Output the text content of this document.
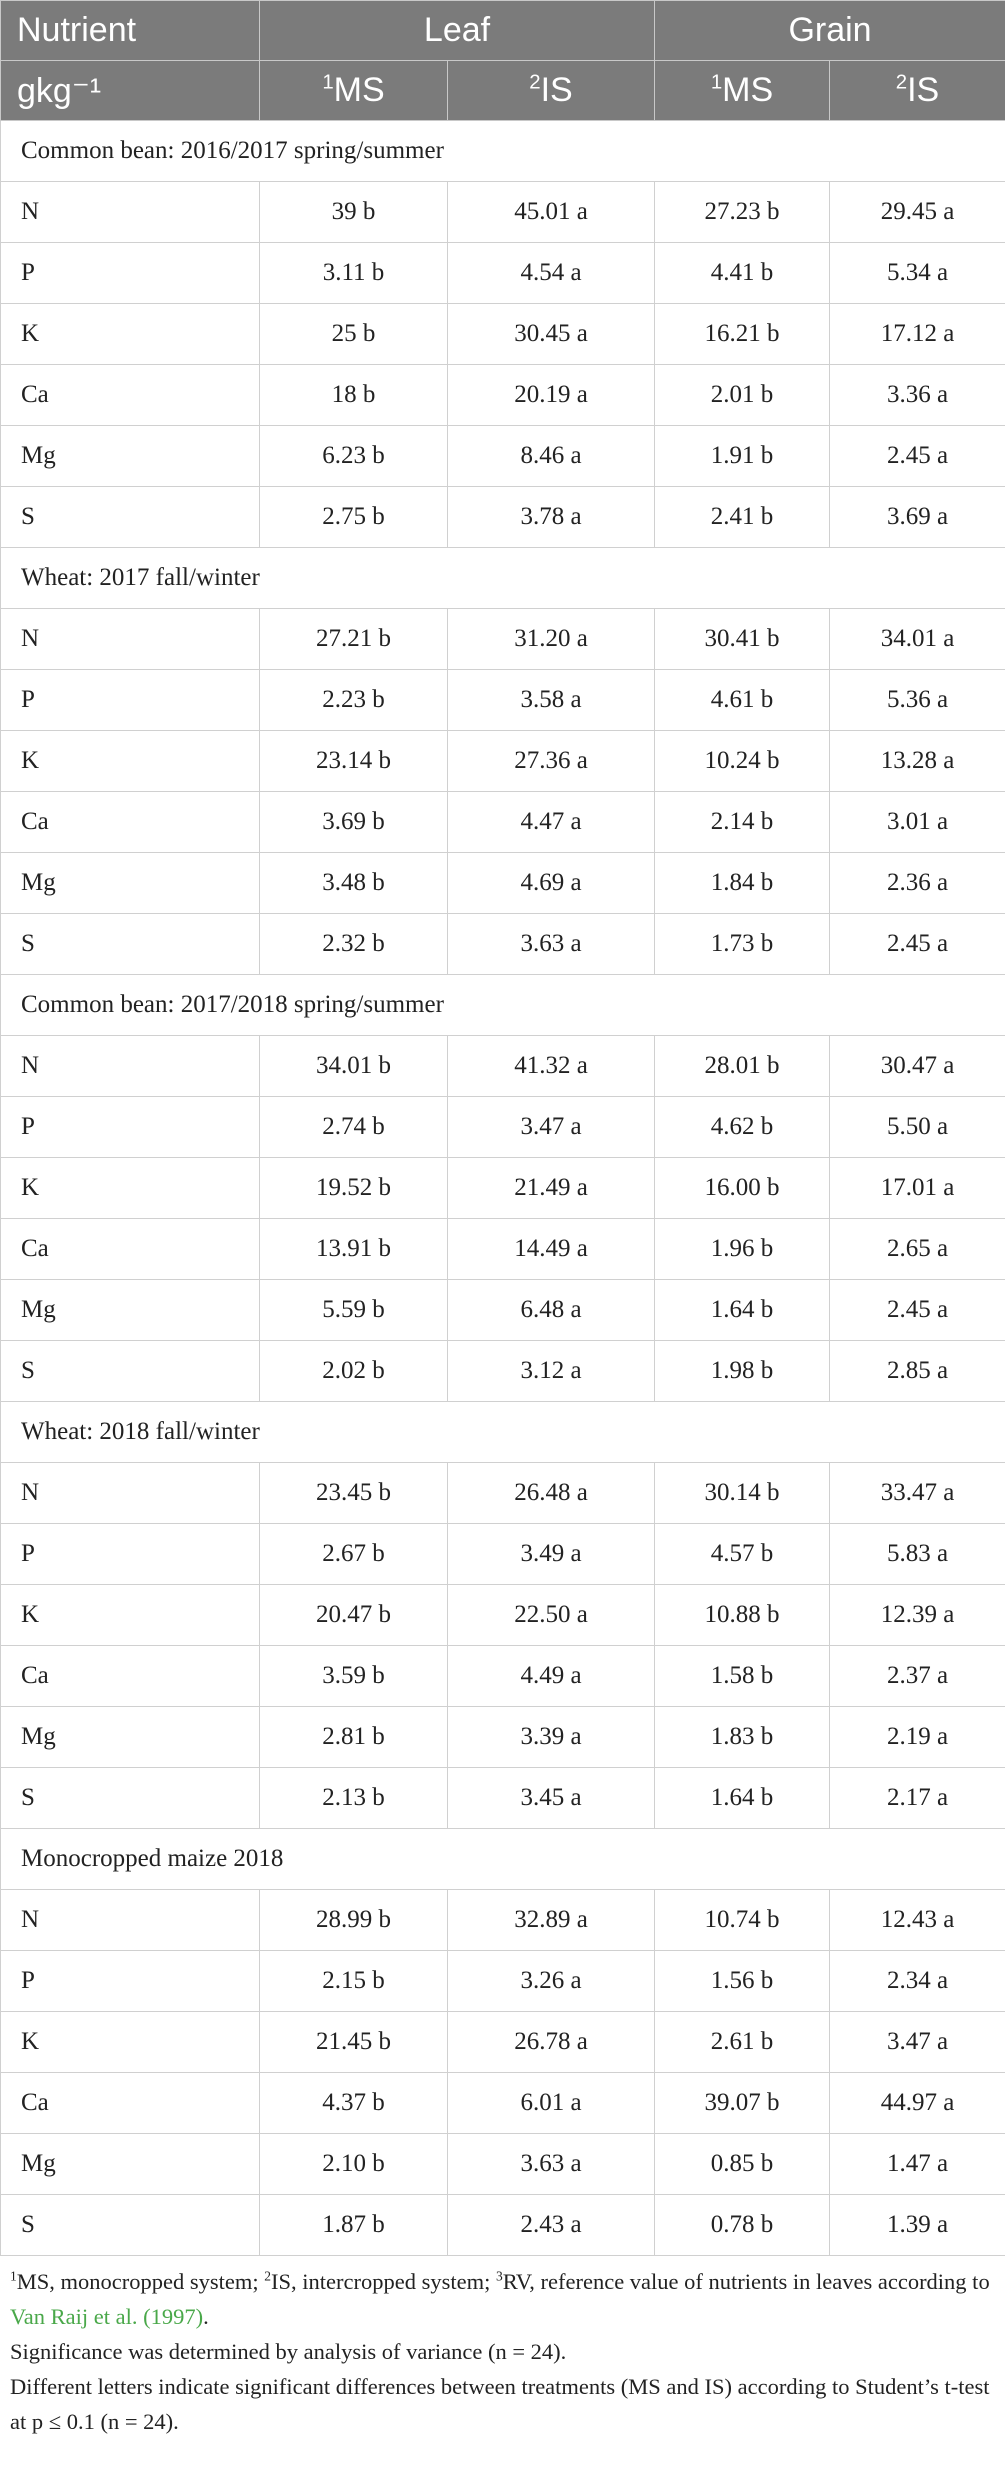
Nutrient	Leaf		Grain	
gkg⁻¹	$^1$MS	$^2$IS	$^1$MS	$^2$IS
Common bean: 2016/2017 spring/summer				
N	39 b	45.01 a	27.23 b	29.45 a
P	3.11 b	4.54 a	4.41 b	5.34 a
K	25 b	30.45 a	16.21 b	17.12 a
Ca	18 b	20.19 a	2.01 b	3.36 a
Mg	6.23 b	8.46 a	1.91 b	2.45 a
S	2.75 b	3.78 a	2.41 b	3.69 a
Wheat: 2017 fall/winter				
N	27.21 b	31.20 a	30.41 b	34.01 a
P	2.23 b	3.58 a	4.61 b	5.36 a
K	23.14 b	27.36 a	10.24 b	13.28 a
Ca	3.69 b	4.47 a	2.14 b	3.01 a
Mg	3.48 b	4.69 a	1.84 b	2.36 a
S	2.32 b	3.63 a	1.73 b	2.45 a
Common bean: 2017/2018 spring/summer				
N	34.01 b	41.32 a	28.01 b	30.47 a
P	2.74 b	3.47 a	4.62 b	5.50 a
K	19.52 b	21.49 a	16.00 b	17.01 a
Ca	13.91 b	14.49 a	1.96 b	2.65 a
Mg	5.59 b	6.48 a	1.64 b	2.45 a
S	2.02 b	3.12 a	1.98 b	2.85 a
Wheat: 2018 fall/winter				
N	23.45 b	26.48 a	30.14 b	33.47 a
P	2.67 b	3.49 a	4.57 b	5.83 a
K	20.47 b	22.50 a	10.88 b	12.39 a
Ca	3.59 b	4.49 a	1.58 b	2.37 a
Mg	2.81 b	3.39 a	1.83 b	2.19 a
S	2.13 b	3.45 a	1.64 b	2.17 a
Monocropped maize 2018				
N	28.99 b	32.89 a	10.74 b	12.43 a
P	2.15 b	3.26 a	1.56 b	2.34 a
K	21.45 b	26.78 a	2.61 b	3.47 a
Ca	4.37 b	6.01 a	39.07 b	44.97 a
Mg	2.10 b	3.63 a	0.85 b	1.47 a
S	1.87 b	2.43 a	0.78 b	1.39 a

$^1$MS, monocropped system; $^2$IS, intercropped system; $^3$RV, reference value of nutrients in leaves according to Van Raij et al. (1997).

Significance was determined by analysis of variance (n = 24).

Different letters indicate significant differences between treatments (MS and IS) according to Student’s t-test at p ≤ 0.1 (n = 24).
